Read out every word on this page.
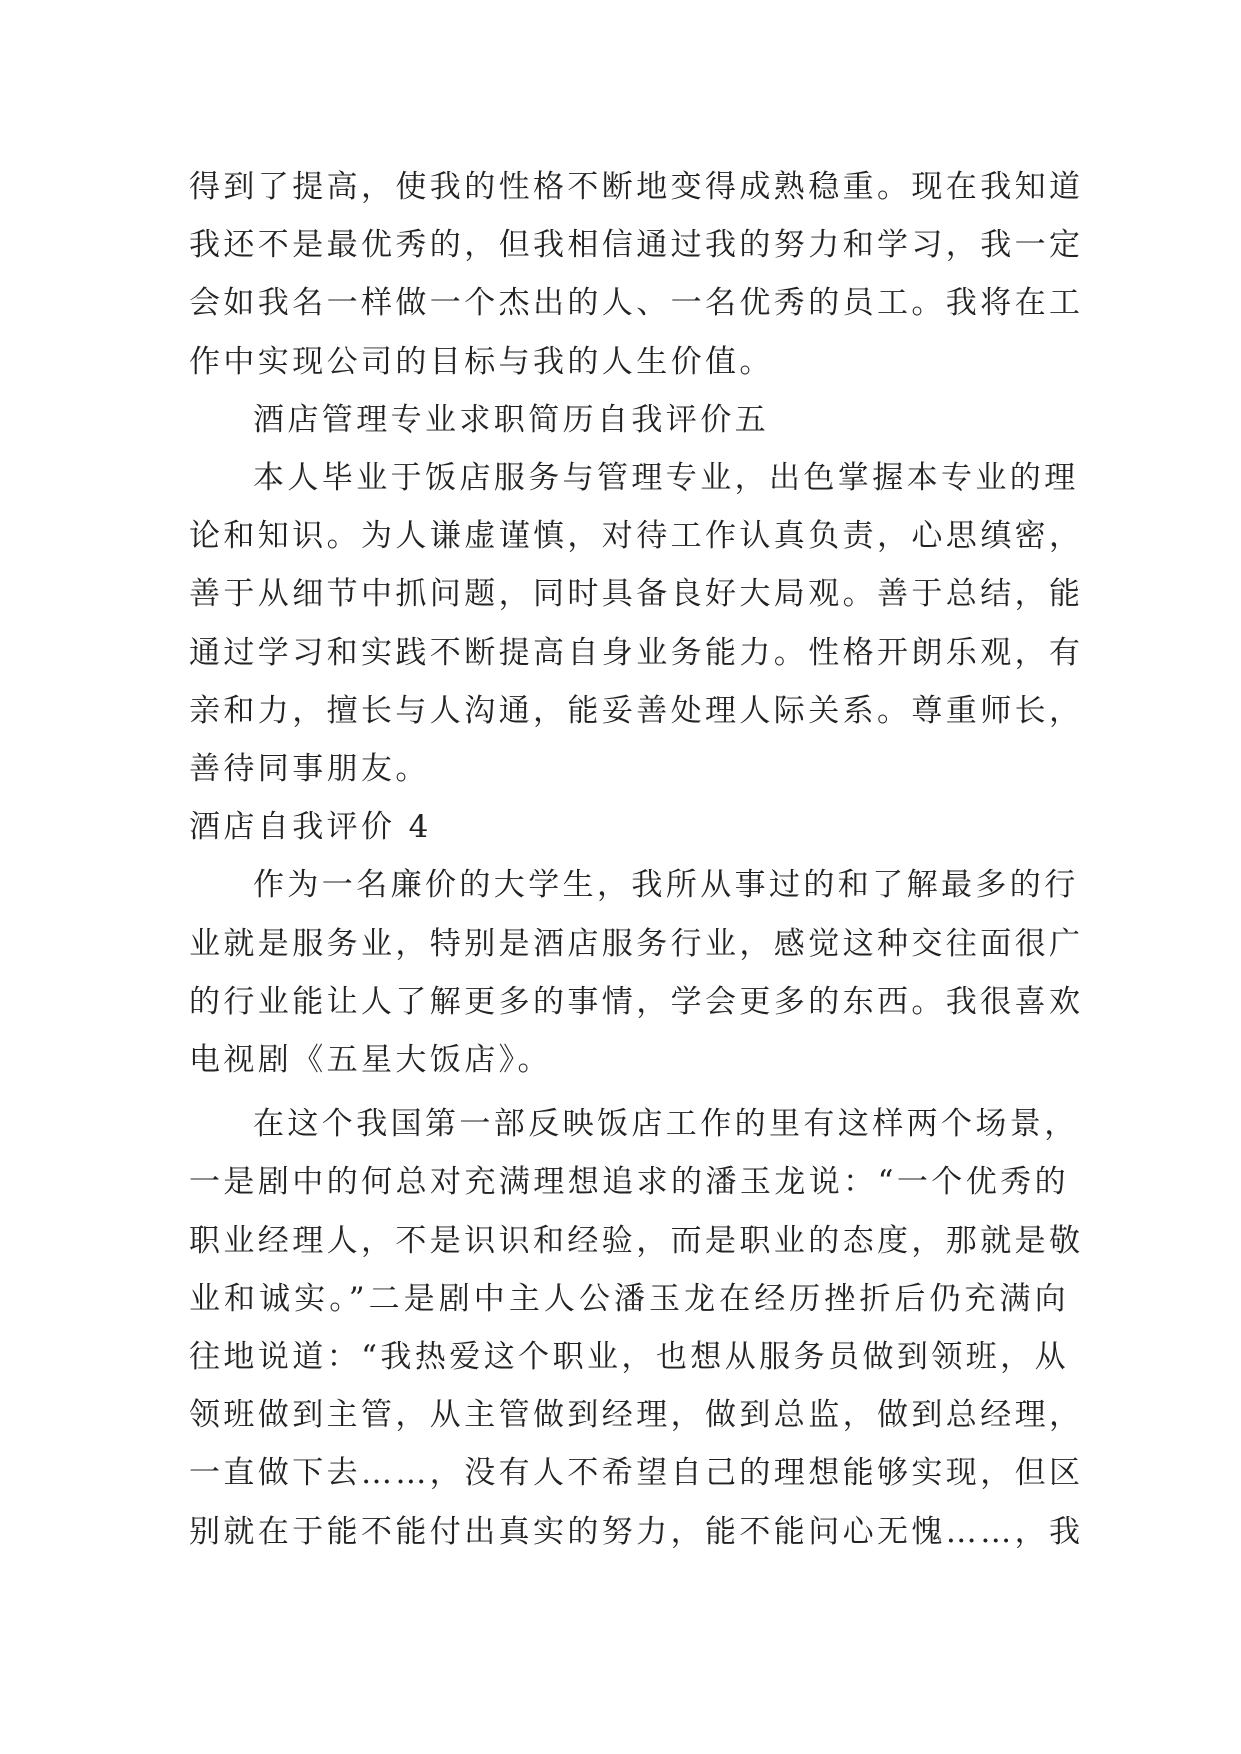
得到了提高，使我的性格不断地变得成熟稳重。现在我知道
我还不是最优秀的，但我相信通过我的努力和学习，我一定
会如我名一样做一个杰出的人、一名优秀的员工。我将在工
作中实现公司的目标与我的人生价值。

酒店管理专业求职简历自我评价五

本人毕业于饭店服务与管理专业，出色掌握本专业的理
论和知识。为人谦虚谨慎，对待工作认真负责，心思缜密，
善于从细节中抓问题，同时具备良好大局观。善于总结，能
通过学习和实践不断提高自身业务能力。性格开朗乐观，有
亲和力，擅长与人沟通，能妥善处理人际关系。尊重师长，
善待同事朋友。

酒店自我评价 4

作为一名廉价的大学生，我所从事过的和了解最多的行
业就是服务业，特别是酒店服务行业，感觉这种交往面很广
的行业能让人了解更多的事情，学会更多的东西。我很喜欢
电视剧《五星大饭店》。

在这个我国第一部反映饭店工作的里有这样两个场景，
一是剧中的何总对充满理想追求的潘玉龙说：“一个优秀的
职业经理人，不是识识和经验，而是职业的态度，那就是敬
业和诚实。”二是剧中主人公潘玉龙在经历挫折后仍充满向
往地说道：“我热爱这个职业，也想从服务员做到领班，从
领班做到主管，从主管做到经理，做到总监，做到总经理，
一直做下去……，没有人不希望自己的理想能够实现，但区
别就在于能不能付出真实的努力，能不能问心无愧……，我
